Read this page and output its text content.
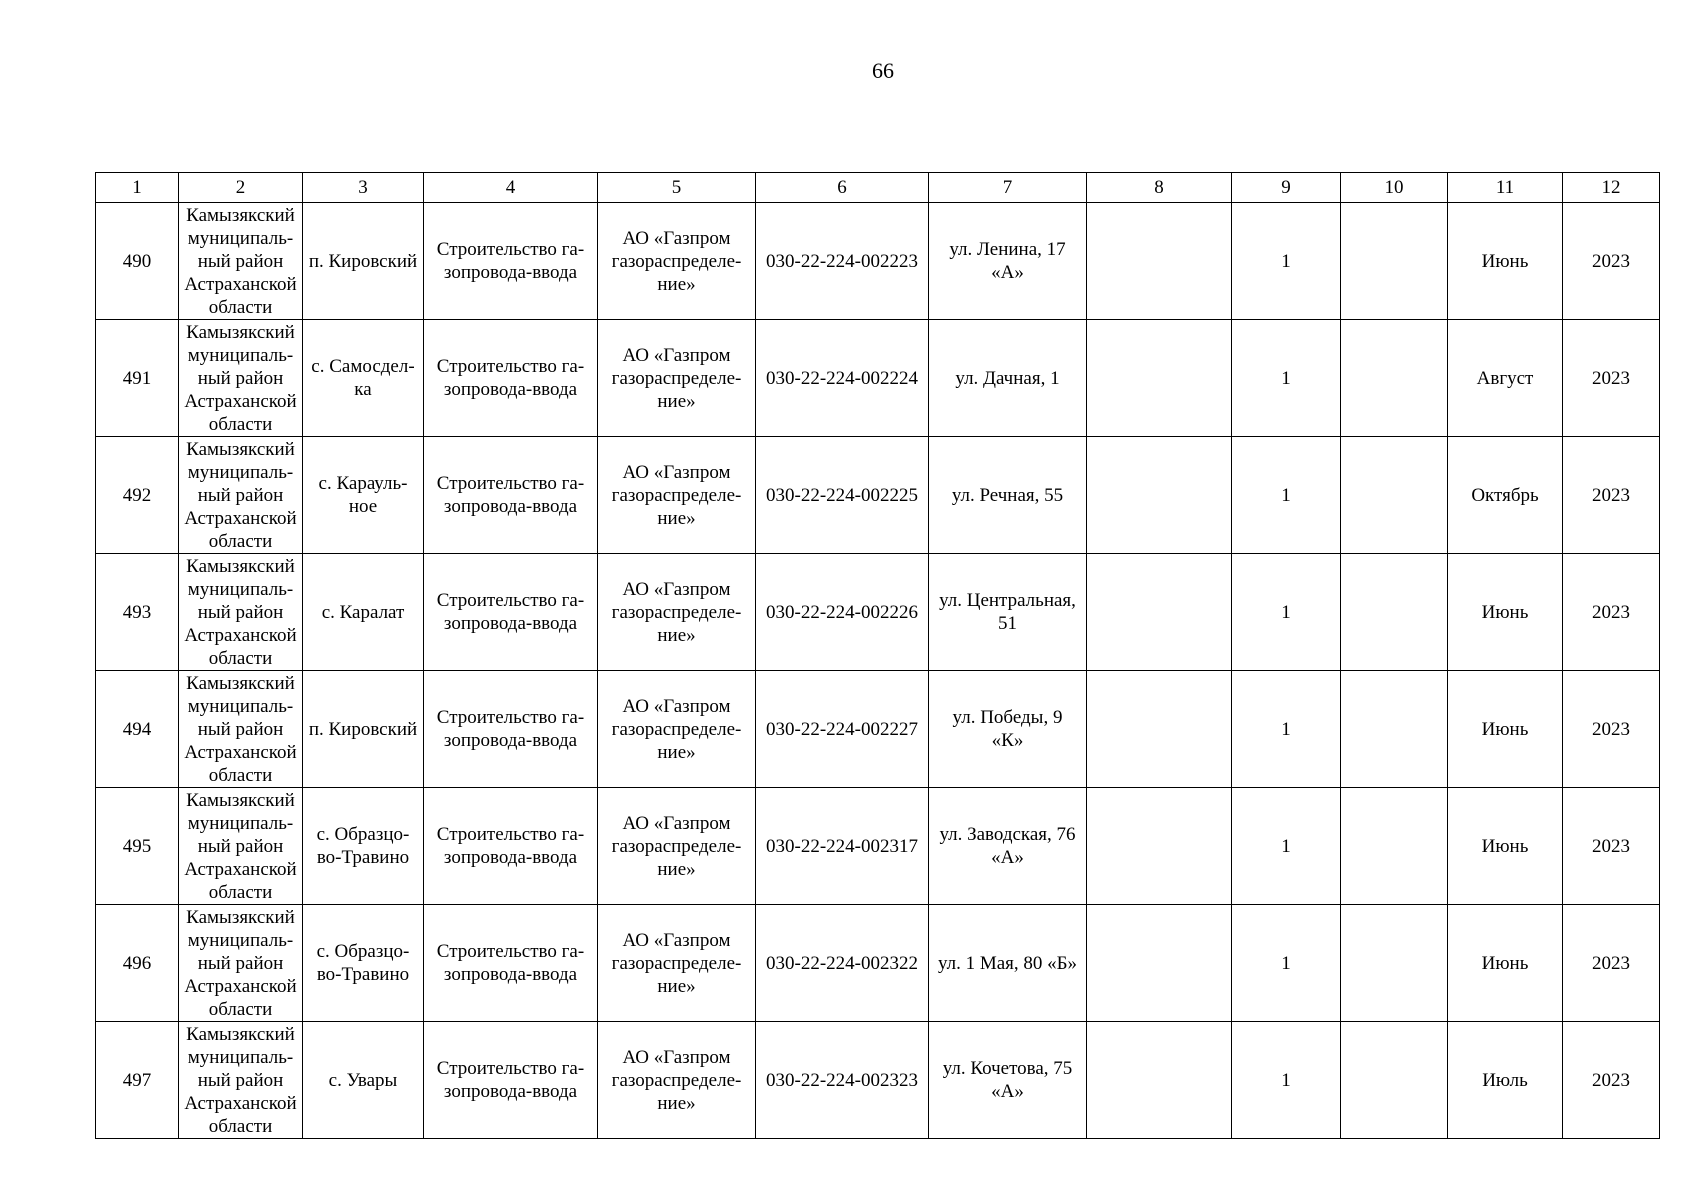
66
1	2	3	4	5	6	7	8	9	10	11	12
490	Камызякский
муниципаль-
ный район
Астраханской
области	п. Кировский	Строительство га-
зопровода-ввода	АО «Газпром
газораспределе-
ние»	030-22-224-002223	ул. Ленина, 17
«А»		1		Июнь	2023
491	Камызякский
муниципаль-
ный район
Астраханской
области	с. Самосдел-ка	Строительство га-
зопровода-ввода	АО «Газпром
газораспределе-
ние»	030-22-224-002224	ул. Дачная, 1		1		Август	2023
492	Камызякский
муниципаль-
ный район
Астраханской
области	с. Карауль-ное	Строительство га-
зопровода-ввода	АО «Газпром
газораспределе-
ние»	030-22-224-002225	ул. Речная, 55		1		Октябрь	2023
493	Камызякский
муниципаль-
ный район
Астраханской
области	с. Каралат	Строительство га-
зопровода-ввода	АО «Газпром
газораспределе-
ние»	030-22-224-002226	ул. Центральная,
51		1		Июнь	2023
494	Камызякский
муниципаль-
ный район
Астраханской
области	п. Кировский	Строительство га-
зопровода-ввода	АО «Газпром
газораспределе-
ние»	030-22-224-002227	ул. Победы, 9
«К»		1		Июнь	2023
495	Камызякский
муниципаль-
ный район
Астраханской
области	с. Образцо-
во-Травино	Строительство га-
зопровода-ввода	АО «Газпром
газораспределе-
ние»	030-22-224-002317	ул. Заводская, 76
«А»		1		Июнь	2023
496	Камызякский
муниципаль-
ный район
Астраханской
области	с. Образцо-
во-Травино	Строительство га-
зопровода-ввода	АО «Газпром
газораспределе-
ние»	030-22-224-002322	ул. 1 Мая, 80 «Б»		1		Июнь	2023
497	Камызякский
муниципаль-
ный район
Астраханской
области	с. Увары	Строительство га-
зопровода-ввода	АО «Газпром
газораспределе-
ние»	030-22-224-002323	ул. Кочетова, 75
«А»		1		Июль	2023
